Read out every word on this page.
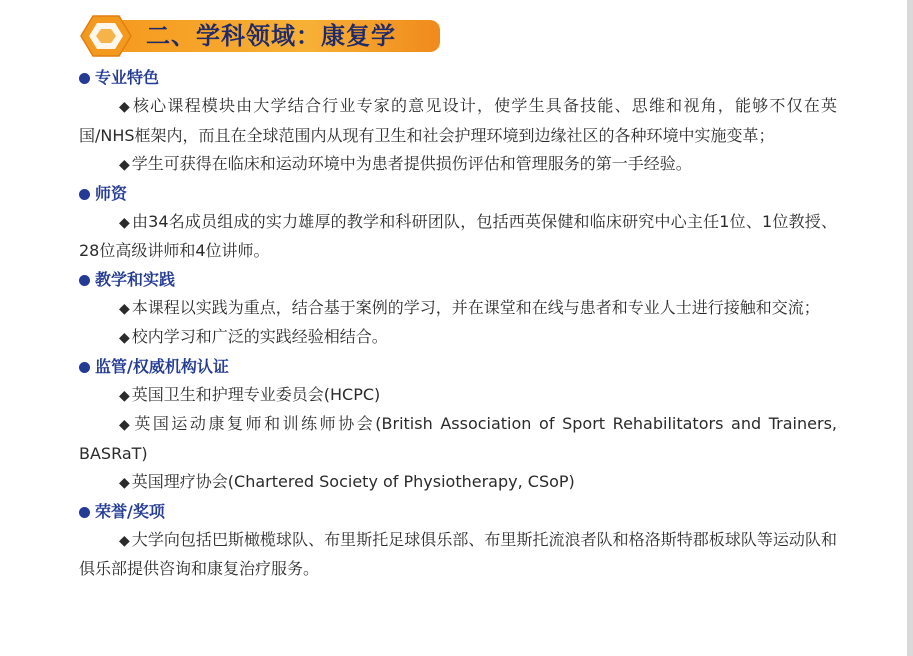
二、学科领域：康复学
专业特色

◆ 核心课程模块由大学结合行业专家的意见设计，使学生具备技能、思维和视角，能够不仅在英国/NHS框架内，而且在全球范围内从现有卫生和社会护理环境到边缘社区的各种环境中实施变革；

◆ 学生可获得在临床和运动环境中为患者提供损伤评估和管理服务的第一手经验。

师资

◆ 由34名成员组成的实力雄厚的教学和科研团队，包括西英保健和临床研究中心主任1位、1位教授、28位高级讲师和4位讲师。

教学和实践

◆ 本课程以实践为重点，结合基于案例的学习，并在课堂和在线与患者和专业人士进行接触和交流；

◆ 校内学习和广泛的实践经验相结合。

监管/权威机构认证

◆ 英国卫生和护理专业委员会(HCPC)

◆ 英国运动康复师和训练师协会(British Association of Sport Rehabilitators and Trainers, BASRaT)

◆ 英国理疗协会(Chartered Society of Physiotherapy, CSoP)

荣誉/奖项

◆ 大学向包括巴斯橄榄球队、布里斯托足球俱乐部、布里斯托流浪者队和格洛斯特郡板球队等运动队和俱乐部提供咨询和康复治疗服务。
